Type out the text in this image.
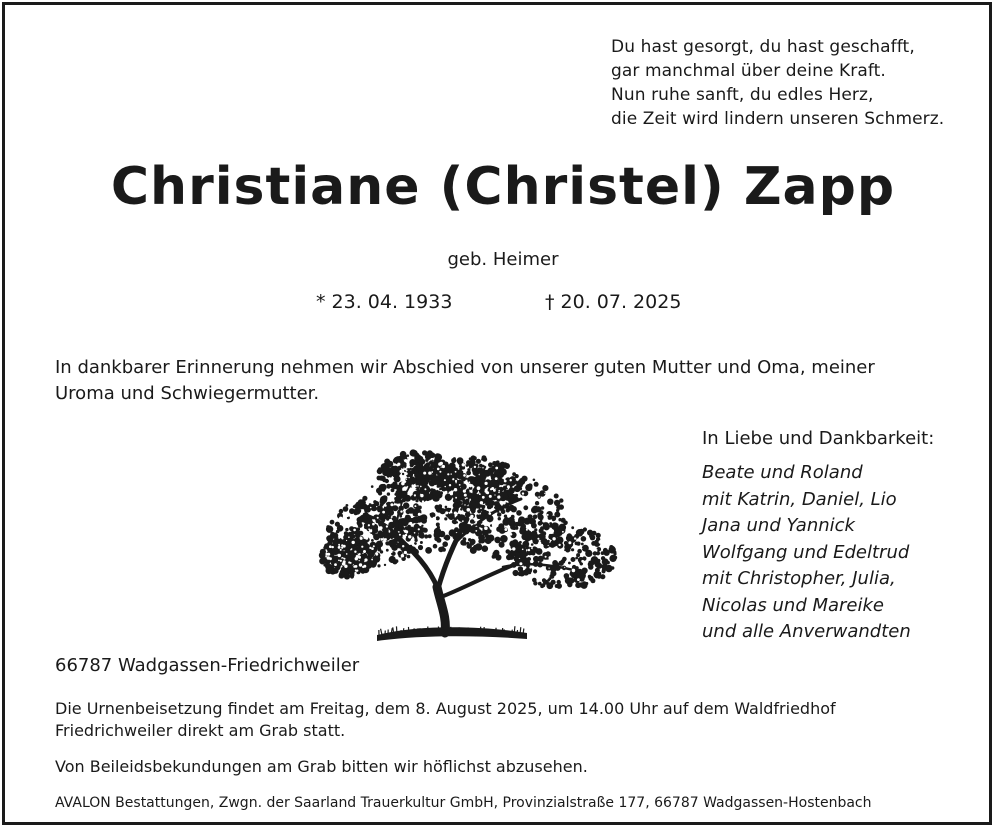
Du hast gesorgt, du hast geschafft,
gar manchmal über deine Kraft.
Nun ruhe sanft, du edles Herz,
die Zeit wird lindern unseren Schmerz.
Christiane (Christel) Zapp
geb. Heimer
* 23. 04. 1933	† 20. 07. 2025
In dankbarer Erinnerung nehmen wir Abschied von unserer guten Mutter und Oma, meiner
Uroma und Schwiegermutter.
In Liebe und Dankbarkeit:
Beate und Roland
mit Katrin, Daniel, Lio
Jana und Yannick
Wolfgang und Edeltrud
mit Christopher, Julia,
Nicolas und Mareike
und alle Anverwandten
66787 Wadgassen-Friedrichweiler
Die Urnenbeisetzung findet am Freitag, dem 8. August 2025, um 14.00 Uhr auf dem Waldfriedhof
Friedrichweiler direkt am Grab statt.
Von Beileidsbekundungen am Grab bitten wir höflichst abzusehen.
AVALON Bestattungen, Zwgn. der Saarland Trauerkultur GmbH, Provinzialstraße 177, 66787 Wadgassen-Hostenbach
